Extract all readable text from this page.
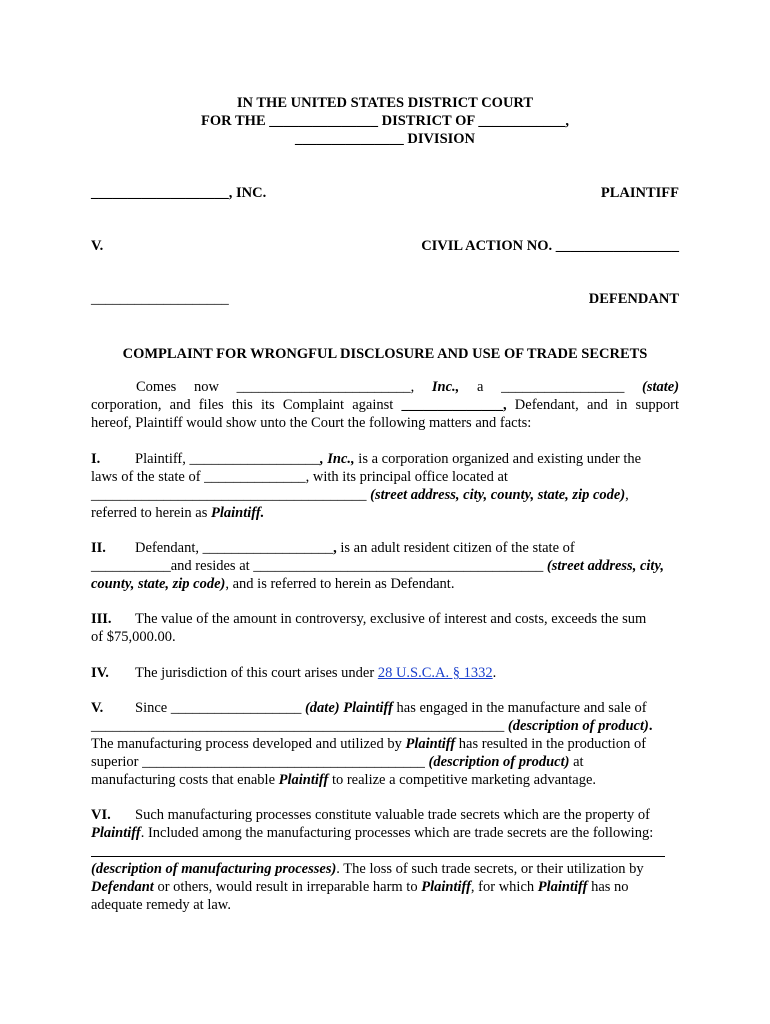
IN THE UNITED STATES DISTRICT COURT
FOR THE _______________ DISTRICT OF ____________,
_______________ DIVISION
___________________, INC.	PLAINTIFF
V.	CIVIL ACTION NO. _________________
___________________	DEFENDANT
COMPLAINT FOR WRONGFUL DISCLOSURE AND USE OF TRADE SECRETS
Comes now ________________________, Inc., a _________________ (state)
corporation, and files this its Complaint against ______________, Defendant, and in support
hereof, Plaintiff would show unto the Court the following matters and facts:
I. Plaintiff, __________________, Inc., is a corporation organized and existing under the
laws of the state of ______________, with its principal office located at
______________________________________ (street address, city, county, state, zip code),
referred to herein as Plaintiff.
II. Defendant, __________________, is an adult resident citizen of the state of
___________and resides at ________________________________________ (street address, city,
county, state, zip code), and is referred to herein as Defendant.
III. The value of the amount in controversy, exclusive of interest and costs, exceeds the sum
of $75,000.00.
IV. The jurisdiction of this court arises under 28 U.S.C.A. § 1332.
V. Since __________________ (date) Plaintiff has engaged in the manufacture and sale of
_________________________________________________________ (description of product).
The manufacturing process developed and utilized by Plaintiff has resulted in the production of
superior _______________________________________ (description of product) at
manufacturing costs that enable Plaintiff to realize a competitive marketing advantage.
VI. Such manufacturing processes constitute valuable trade secrets which are the property of
Plaintiff. Included among the manufacturing processes which are trade secrets are the following:
(description of manufacturing processes). The loss of such trade secrets, or their utilization by
Defendant or others, would result in irreparable harm to Plaintiff, for which Plaintiff has no
adequate remedy at law.
